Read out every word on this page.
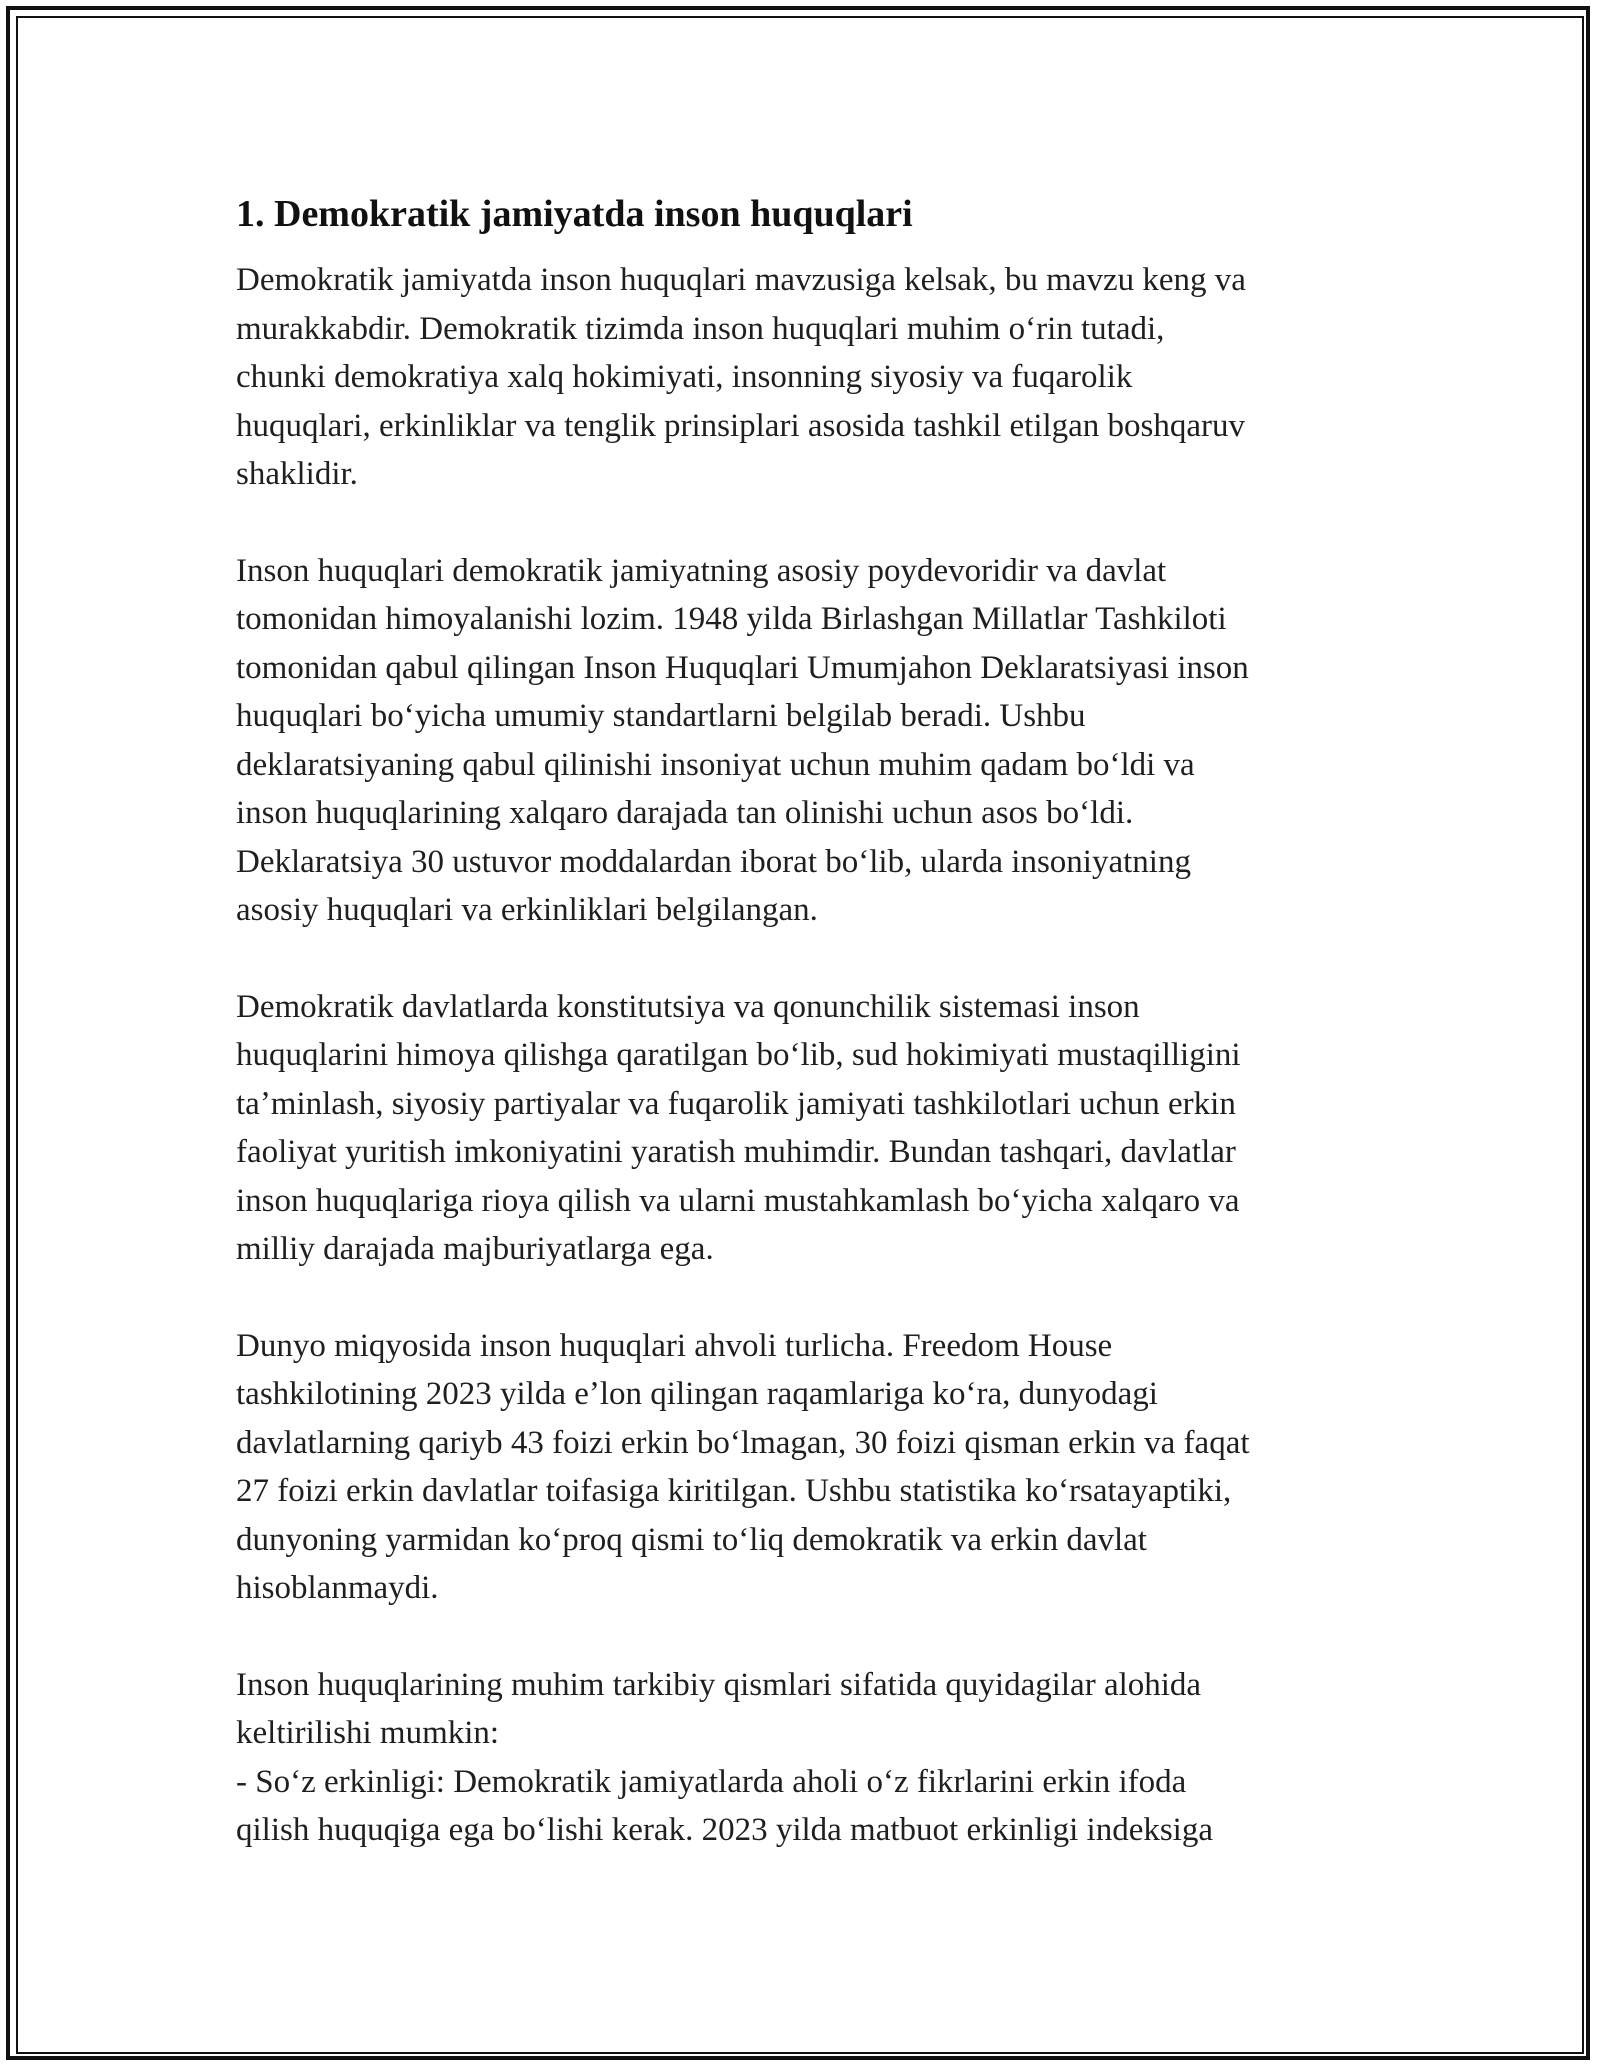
1. Demokratik jamiyatda inson huquqlari
Demokratik jamiyatda inson huquqlari mavzusiga kelsak, bu mavzu keng va
murakkabdir. Demokratik tizimda inson huquqlari muhim oʻrin tutadi,
chunki demokratiya xalq hokimiyati, insonning siyosiy va fuqarolik
huquqlari, erkinliklar va tenglik prinsiplari asosida tashkil etilgan boshqaruv
shaklidir.
Inson huquqlari demokratik jamiyatning asosiy poydevoridir va davlat
tomonidan himoyalanishi lozim. 1948 yilda Birlashgan Millatlar Tashkiloti
tomonidan qabul qilingan Inson Huquqlari Umumjahon Deklaratsiyasi inson
huquqlari boʻyicha umumiy standartlarni belgilab beradi. Ushbu
deklaratsiyaning qabul qilinishi insoniyat uchun muhim qadam boʻldi va
inson huquqlarining xalqaro darajada tan olinishi uchun asos boʻldi.
Deklaratsiya 30 ustuvor moddalardan iborat boʻlib, ularda insoniyatning
asosiy huquqlari va erkinliklari belgilangan.
Demokratik davlatlarda konstitutsiya va qonunchilik sistemasi inson
huquqlarini himoya qilishga qaratilgan boʻlib, sud hokimiyati mustaqilligini
taʼminlash, siyosiy partiyalar va fuqarolik jamiyati tashkilotlari uchun erkin
faoliyat yuritish imkoniyatini yaratish muhimdir. Bundan tashqari, davlatlar
inson huquqlariga rioya qilish va ularni mustahkamlash boʻyicha xalqaro va
milliy darajada majburiyatlarga ega.
Dunyo miqyosida inson huquqlari ahvoli turlicha. Freedom House
tashkilotining 2023 yilda eʼlon qilingan raqamlariga koʻra, dunyodagi
davlatlarning qariyb 43 foizi erkin boʻlmagan, 30 foizi qisman erkin va faqat
27 foizi erkin davlatlar toifasiga kiritilgan. Ushbu statistika koʻrsatayaptiki,
dunyoning yarmidan koʻproq qismi toʻliq demokratik va erkin davlat
hisoblanmaydi.
Inson huquqlarining muhim tarkibiy qismlari sifatida quyidagilar alohida
keltirilishi mumkin:
- Soʻz erkinligi: Demokratik jamiyatlarda aholi oʻz fikrlarini erkin ifoda
qilish huquqiga ega boʻlishi kerak. 2023 yilda matbuot erkinligi indeksiga
